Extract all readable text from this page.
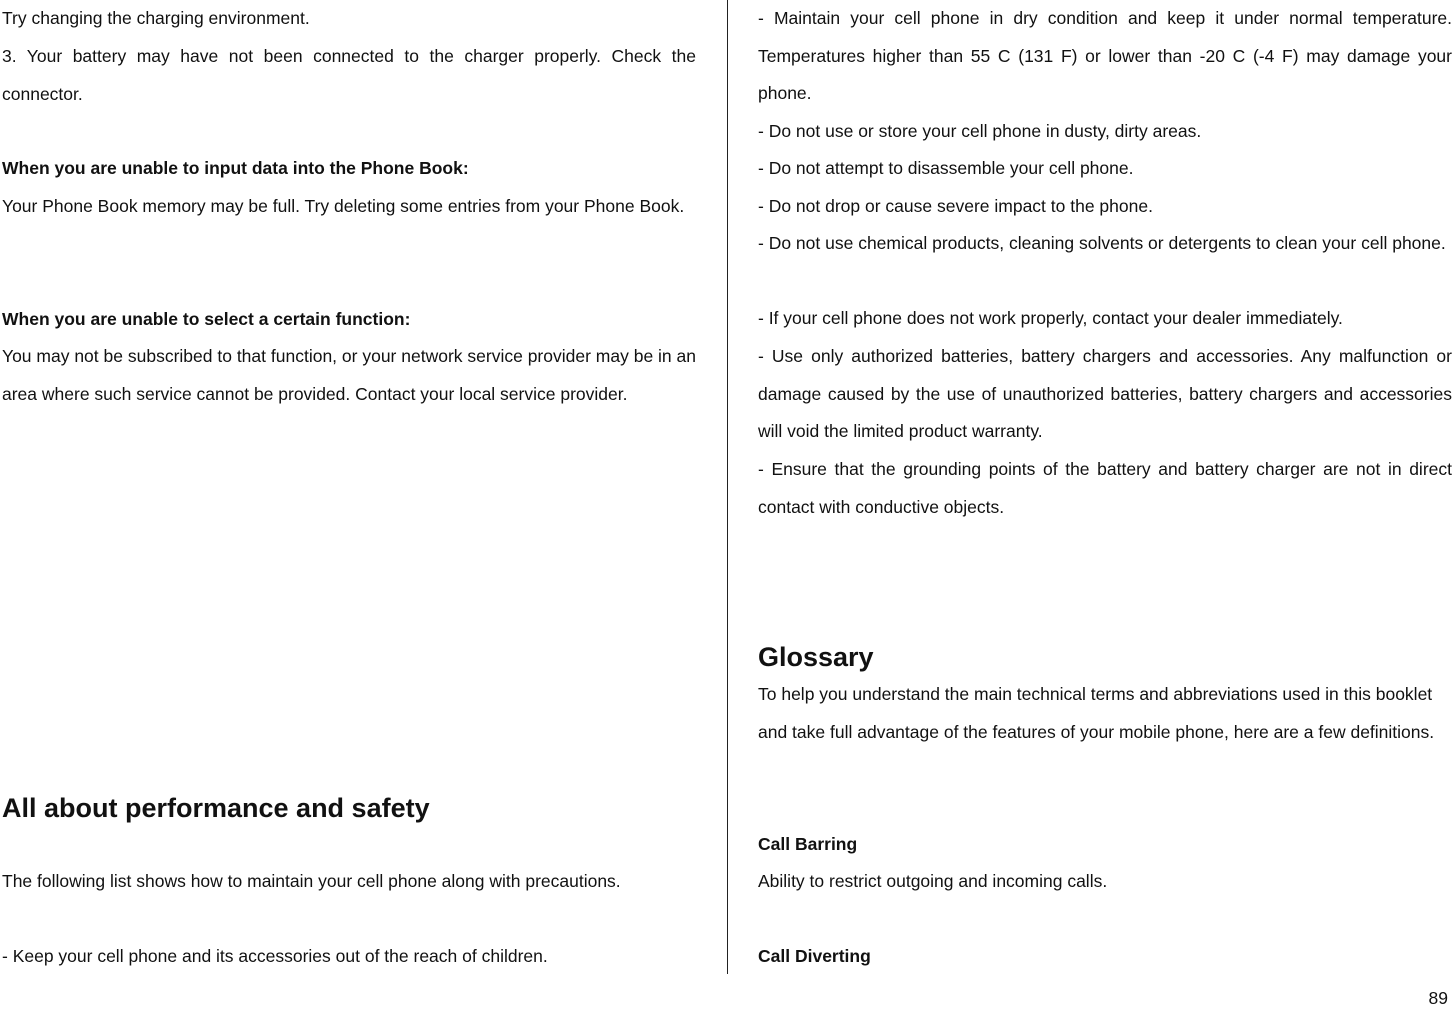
Try changing the charging environment.

3. Your battery may have not been connected to the charger properly. Check the connector.

When you are unable to input data into the Phone Book:

Your Phone Book memory may be full. Try deleting some entries from your Phone Book.

When you are unable to select a certain function:

You may not be subscribed to that function, or your network service provider may be in an area where such service cannot be provided. Contact your local service provider.

All about performance and safety

The following list shows how to maintain your cell phone along with precautions.

- Keep your cell phone and its accessories out of the reach of children.

- Maintain your cell phone in dry condition and keep it under normal temperature. Temperatures higher than 55 C (131 F) or lower than -20 C (-4 F) may damage your phone.

- Do not use or store your cell phone in dusty, dirty areas.

- Do not attempt to disassemble your cell phone.

- Do not drop or cause severe impact to the phone.

- Do not use chemical products, cleaning solvents or detergents to clean your cell phone.

- If your cell phone does not work properly, contact your dealer immediately.

- Use only authorized batteries, battery chargers and accessories. Any malfunction or damage caused by the use of unauthorized batteries, battery chargers and accessories will void the limited product warranty.

- Ensure that the grounding points of the battery and battery charger are not in direct contact with conductive objects.

Glossary

To help you understand the main technical terms and abbreviations used in this booklet and take full advantage of the features of your mobile phone, here are a few definitions.

Call Barring

Ability to restrict outgoing and incoming calls.

Call Diverting

89
